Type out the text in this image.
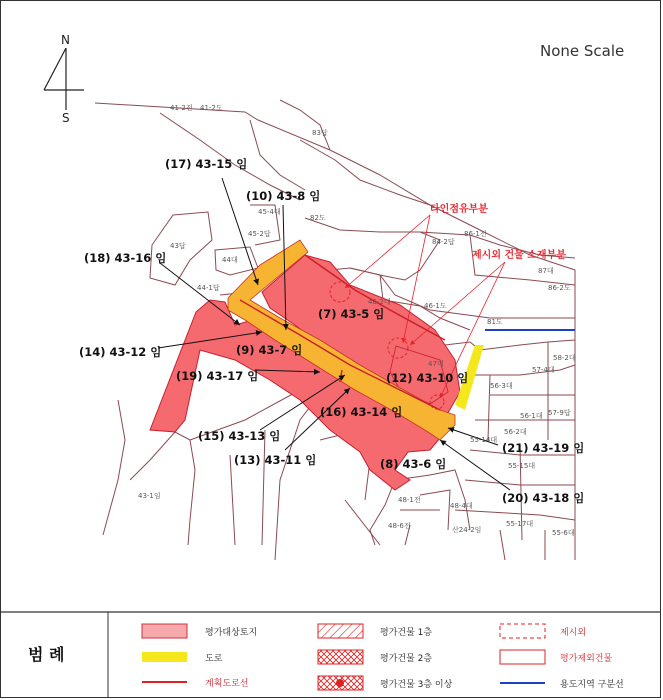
41-2전 41-2도
83답
45-4대
45-2답
82도
84-2답
86-1전
43답
44대
44-1답
46-2대	46-1도
87대
86-2도
81도
47대
56-3대
57-4대
58-2대
56-1대
56-2대
57-9답
55-14대
55-15대
43-1임	48-1전
48-4대
48-6전	산24-2임
55-17대
55-6대
(17) 43-15 임
(10) 43-8 임
(18) 43-16 임
(7) 43-5 임
(14) 43-12 임	(9) 43-7 임
(19) 43-17 임	(12) 43-10 임
(16) 43-14 임
(15) 43-13 임
(13) 43-11 임	(8) 43-6 임
(21) 43-19 임
(20) 43-18 임
타인점유부분
제시외 건물 소재부분
None Scale
N
S
범 례
평가대상토지
도로
계획도로선
평가건물 1층
평가건물 2층
평가건물 3층 이상
제시외
평가제외건물
용도지역 구분선
